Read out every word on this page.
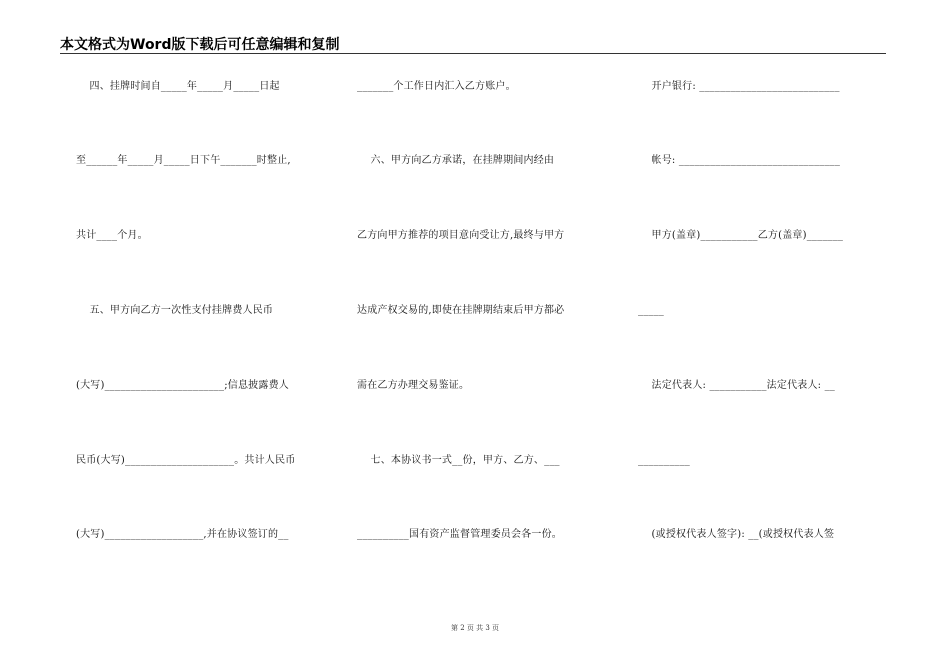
本文格式为Word版下载后可任意编辑和复制
四、挂牌时间自_____年_____月_____日起
至______年_____月_____日下午_______时整止,
共计____个月。
五、甲方向乙方一次性支付挂牌费人民币
(大写)_______________________;信息披露费人
民币(大写)_____________________。共计人民币
(大写)___________________,并在协议签订的__
_______个工作日内汇入乙方账户。
六、甲方向乙方承诺，在挂牌期间内经由
乙方向甲方推荐的项目意向受让方,最终与甲方
达成产权交易的,即使在挂牌期结束后甲方都必
需在乙方办理交易鉴证。
七、本协议书一式__份，甲方、乙方、___
__________国有资产监督管理委员会各一份。
开户银行: ___________________________
帐号: _______________________________
甲方(盖章)___________乙方(盖章)_______
_____
法定代表人: ___________法定代表人: __
__________
(或授权代表人签字): __(或授权代表人签
第 2 页 共 3 页
